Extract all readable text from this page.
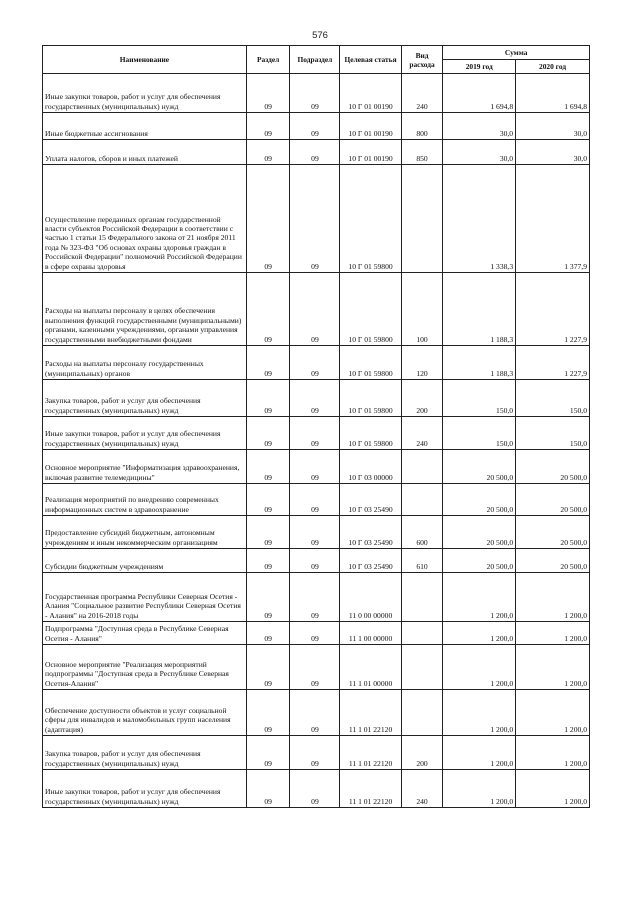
576
Наименование	Раздел	Подраздел	Целевая статья	Вид расхода	Сумма	
					2019 год	2020 год
Иные закупки товаров, работ и услуг для обеспечения государственных (муниципальных) нужд	09	09	10 Г 01 00190	240	1 694,8	1 694,8
Иные бюджетные ассигнования	09	09	10 Г 01 00190	800	30,0	30,0
Уплата налогов, сборов и иных платежей	09	09	10 Г 01 00190	850	30,0	30,0
Осуществление переданных органам государственной власти субъектов Российской Федерации в соответствии с частью 1 статьи 15 Федерального закона от 21 ноября 2011 года № 323-ФЗ "Об основах охраны здоровья граждан в Российской Федерации" полномочий Российской Федерации в сфере охраны здоровья	09	09	10 Г 01 59800		1 338,3	1 377,9
Расходы на выплаты персоналу в целях обеспечения выполнения функций государственными (муниципальными) органами, казенными учреждениями, органами управления государственными внебюджетными фондами	09	09	10 Г 01 59800	100	1 188,3	1 227,9
Расходы на выплаты персоналу государственных (муниципальных) органов	09	09	10 Г 01 59800	120	1 188,3	1 227,9
Закупка товаров, работ и услуг для обеспечения государственных (муниципальных) нужд	09	09	10 Г 01 59800	200	150,0	150,0
Иные закупки товаров, работ и услуг для обеспечения государственных (муниципальных) нужд	09	09	10 Г 01 59800	240	150,0	150,0
Основное мероприятие "Информатизация здравоохранения, включая развитие телемедицины"	09	09	10 Г 03 00000		20 500,0	20 500,0
Реализация мероприятий по внедрению современных информационных систем в здравоохранение	09	09	10 Г 03 25490		20 500,0	20 500,0
Предоставление субсидий бюджетным, автономным учреждениям и иным некоммерческим организациям	09	09	10 Г 03 25490	600	20 500,0	20 500,0
Субсидии бюджетным учреждениям	09	09	10 Г 03 25490	610	20 500,0	20 500,0
Государственная программа Республики Северная Осетия - Алания "Социальное развитие Республики Северная Осетия - Алания" на 2016-2018 годы	09	09	11 0 00 00000		1 200,0	1 200,0
Подпрограмма "Доступная среда в Республике Северная Осетия - Алания"	09	09	11 1 00 00000		1 200,0	1 200,0
Основное мероприятие "Реализация мероприятий подпрограммы "Доступная среда в Республике Северная Осетия-Алания"	09	09	11 1 01 00000		1 200,0	1 200,0
Обеспечение доступности объектов и услуг социальной сферы для инвалидов и маломобильных групп населения (адаптация)	09	09	11 1 01 22120		1 200,0	1 200,0
Закупка товаров, работ и услуг для обеспечения государственных (муниципальных) нужд	09	09	11 1 01 22120	200	1 200,0	1 200,0
Иные закупки товаров, работ и услуг для обеспечения государственных (муниципальных) нужд	09	09	11 1 01 22120	240	1 200,0	1 200,0
